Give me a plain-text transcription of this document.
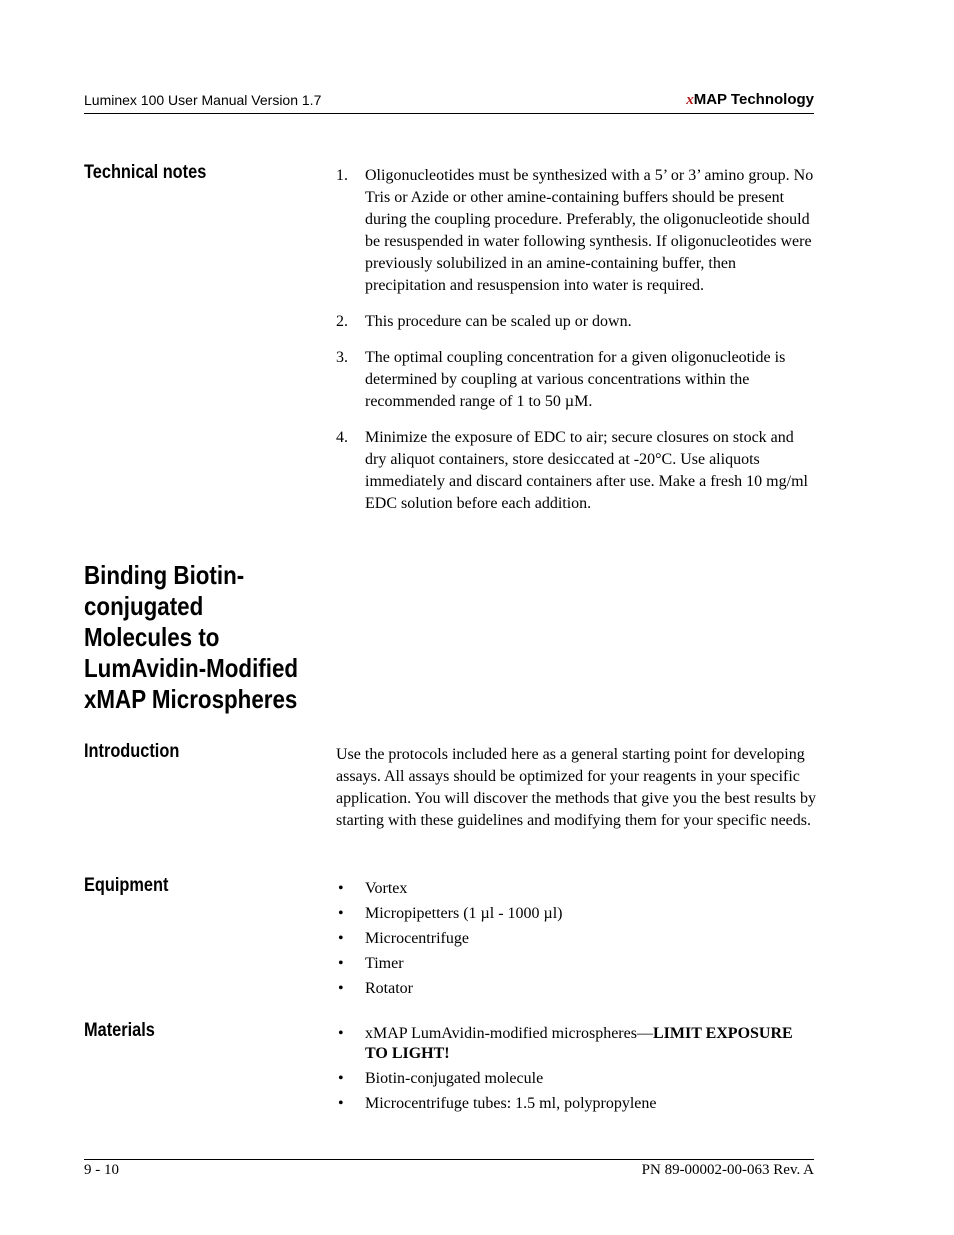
Luminex 100 User Manual Version 1.7	xMAP Technology
Technical notes	1. Oligonucleotides must be synthesized with a 5’ or 3’ amino group. No Tris or Azide or other amine-containing buffers should be present during the coupling procedure. Preferably, the oligonucleotide should be resuspended in water following synthesis. If oligonucleotides were previously solubilized in an amine-containing buffer, then precipitation and resuspension into water is required.
2. This procedure can be scaled up or down.
3. The optimal coupling concentration for a given oligonucleotide is determined by coupling at various concentrations within the recommended range of 1 to 50 µM.
4. Minimize the exposure of EDC to air; secure closures on stock and dry aliquot containers, store desiccated at -20°C. Use aliquots immediately and discard containers after use. Make a fresh 10 mg/ml EDC solution before each addition.
Binding Biotin-
conjugated
Molecules to
LumAvidin-Modified
xMAP Microspheres
Introduction	Use the protocols included here as a general starting point for developing assays. All assays should be optimized for your reagents in your specific application. You will discover the methods that give you the best results by starting with these guidelines and modifying them for your specific needs.
Equipment	• Vortex
• Micropipetters (1 µl - 1000 µl)
• Microcentrifuge
• Timer
• Rotator
Materials	• xMAP LumAvidin-modified microspheres—LIMIT EXPOSURE TO LIGHT!
• Biotin-conjugated molecule
• Microcentrifuge tubes: 1.5 ml, polypropylene
9 - 10	PN 89-00002-00-063 Rev. A
